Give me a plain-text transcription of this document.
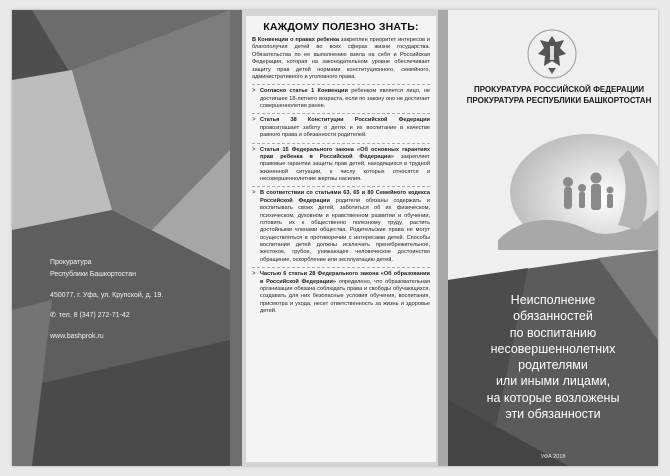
Прокуратура
Республики Башкортостан
450077, г. Уфа, ул. Крупской, д. 19.
✆ тел. 8 (347) 272-71-42
www.bashprok.ru
КАЖДОМУ ПОЛЕЗНО ЗНАТЬ:

В Конвенции о правах ребенка закреплен приоритет интересов и благополучия детей во всех сферах жизни государства. Обязательства по ее выполнению взяла на себя и Российская Федерация, которая на законодательном уровне обеспечивает защиту прав детей нормами конституционного, семейного, административного и уголовного права.

> Согласно статье 1 Конвенции ребенком является лицо, не достигшее 18-летнего возраста, если по закону оно не достигает совершеннолетия ранее.

> Статья 38 Конституции Российской Федерации провозглашает заботу о детях и их воспитание в качестве равного права и обязанности родителей.

> Статья 15 Федерального закона «Об основных гарантиях прав ребенка в Российской Федерации» закрепляет правовые гарантии защиты прав детей, находящихся в трудной жизненной ситуации, к числу которых относятся и несовершеннолетние жертвы насилия.

> В соответствии со статьями 63, 65 и 80 Семейного кодекса Российской Федерации родители обязаны содержать и воспитывать своих детей, заботиться об их физическом, психическом, духовном и нравственном развитии и обучении, готовить их к общественно полезному труду, растить достойными членами общества. Родительские права не могут осуществляться в противоречии с интересами детей. Способы воспитания детей должны исключать пренебрежительное, жестокое, грубое, унижающее человеческое достоинство обращение, оскорбление или эксплуатацию детей.

> Частью 6 статьи 28 Федерального закона «Об образовании в Российской Федерации» определено, что образовательная организация обязана соблюдать права и свободы обучающихся, создавать для них безопасные условия обучения, воспитания, присмотра и ухода, несет ответственность за жизнь и здоровье детей.

ПРОКУРАТУРА РОССИЙСКОЙ ФЕДЕРАЦИИ
ПРОКУРАТУРА РЕСПУБЛИКИ БАШКОРТОСТАН
Неисполнение
обязанностей
по воспитанию
несовершеннолетних
родителями
или иными лицами,
на которые возложены
эти обязанности
УФА 2018
